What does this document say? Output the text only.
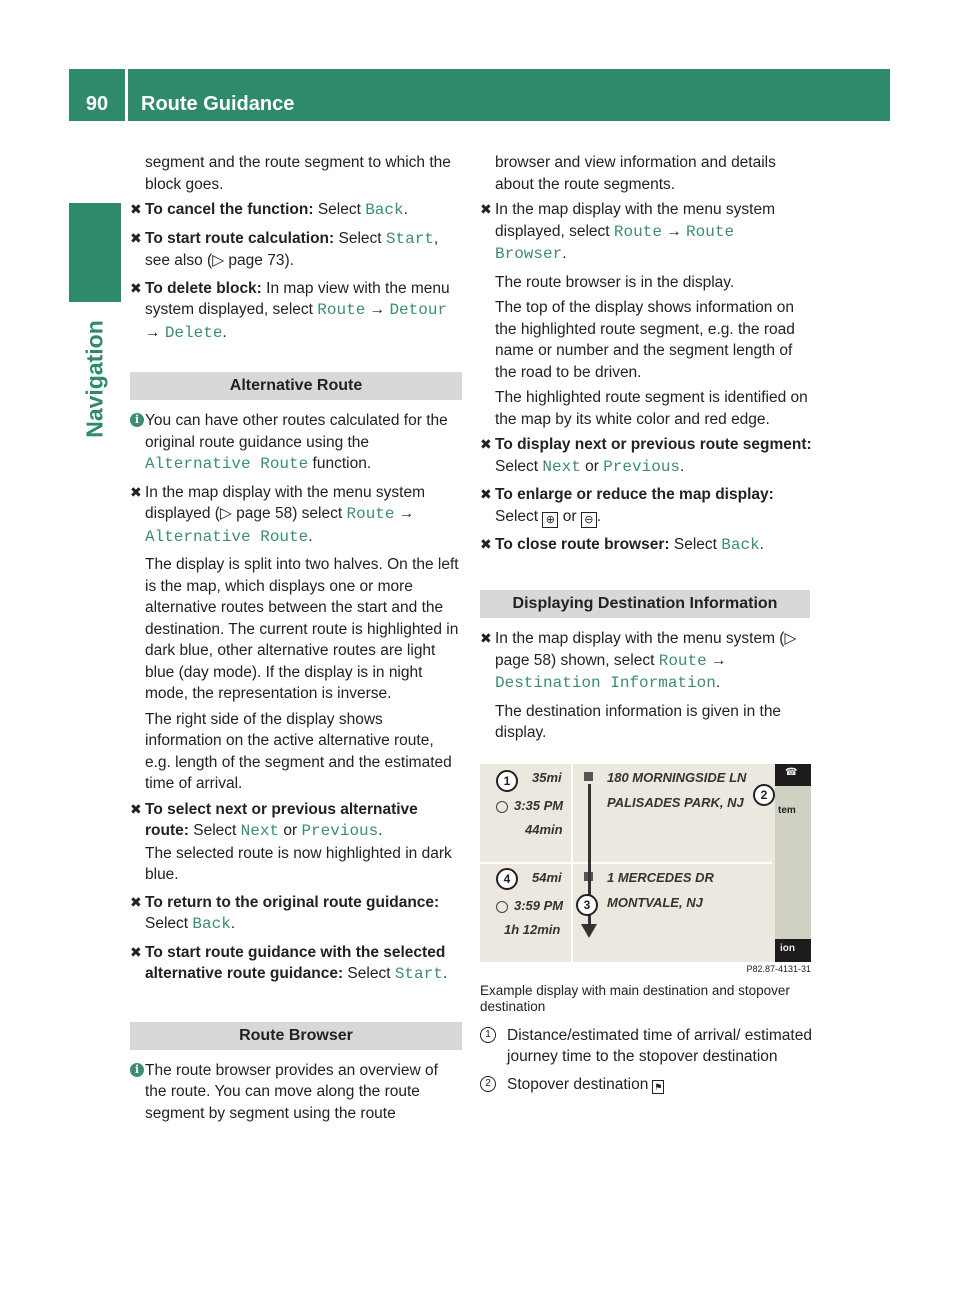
90	Route Guidance
Navigation

segment and the route segment to which the block goes.

✖ To cancel the function: Select Back.
✖ To start route calculation: Select Start, see also (▷ page 73).
✖ To delete block: In map view with the menu system displayed, select Route → Detour → Delete.
Alternative Route
i You can have other routes calculated for the original route guidance using the Alternative Route function.
✖ In the map display with the menu system displayed (▷ page 58) select Route → Alternative Route.

The display is split into two halves. On the left is the map, which displays one or more alternative routes between the start and the destination. The current route is highlighted in dark blue, other alternative routes are light blue (day mode). If the display is in night mode, the representation is inverse.

The right side of the display shows information on the active alternative route, e.g. length of the segment and the estimated time of arrival.

✖ To select next or previous alternative route: Select Next or Previous.
The selected route is now highlighted in dark blue.
✖ To return to the original route guidance: Select Back.
✖ To start route guidance with the selected alternative route guidance: Select Start.
Route Browser
i The route browser provides an overview of the route. You can move along the route segment by segment using the route

browser and view information and details about the route segments.

✖ In the map display with the menu system displayed, select Route → Route Browser.

The route browser is in the display.

The top of the display shows information on the highlighted route segment, e.g. the road name or number and the segment length of the road to be driven.

The highlighted route segment is identified on the map by its white color and red edge.

✖ To display next or previous route segment: Select Next or Previous.
✖ To enlarge or reduce the map display:
Select ⊕ or ⊖ .
✖ To close route browser: Select Back.
Displaying Destination Information
✖ In the map display with the menu system (▷ page 58) shown, select Route → Destination Information.

The destination information is given in the display.

☎
tem
ion
35mi
3:35 PM
44min
180 MORNINGSIDE LN
PALISADES PARK, NJ
54mi
3:59 PM
1h 12min
1 MERCEDES DR
MONTVALE, NJ
1
2
3
4
P82.87-4131-31

Example display with main destination and stopover destination

1	Distance/estimated time of arrival/ estimated journey time to the stopover destination
2	Stopover destination ⚑
